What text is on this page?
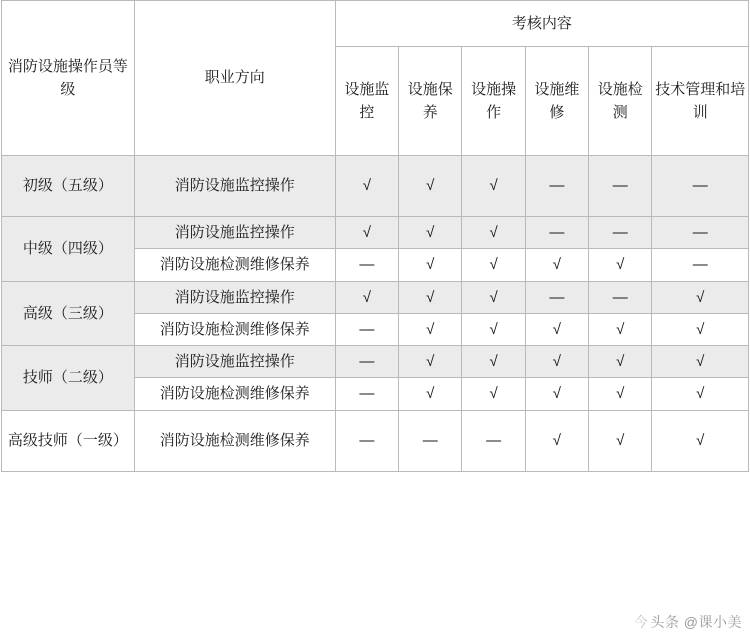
消防设施操作员等级	职业方向	考核内容					
		设施监控	设施保养	设施操作	设施维修	设施检测	技术管理和培训
初级（五级）	消防设施监控操作	√	√	√	—	—	—
中级（四级）	消防设施监控操作	√	√	√	—	—	—
	消防设施检测维修保养	—	√	√	√	√	—
高级（三级）	消防设施监控操作	√	√	√	—	—	√
	消防设施检测维修保养	—	√	√	√	√	√
技师（二级）	消防设施监控操作	—	√	√	√	√	√
	消防设施检测维修保养	—	√	√	√	√	√
高级技师（一级）	消防设施检测维修保养	—	—	—	√	√	√
今 头条 @课小美
